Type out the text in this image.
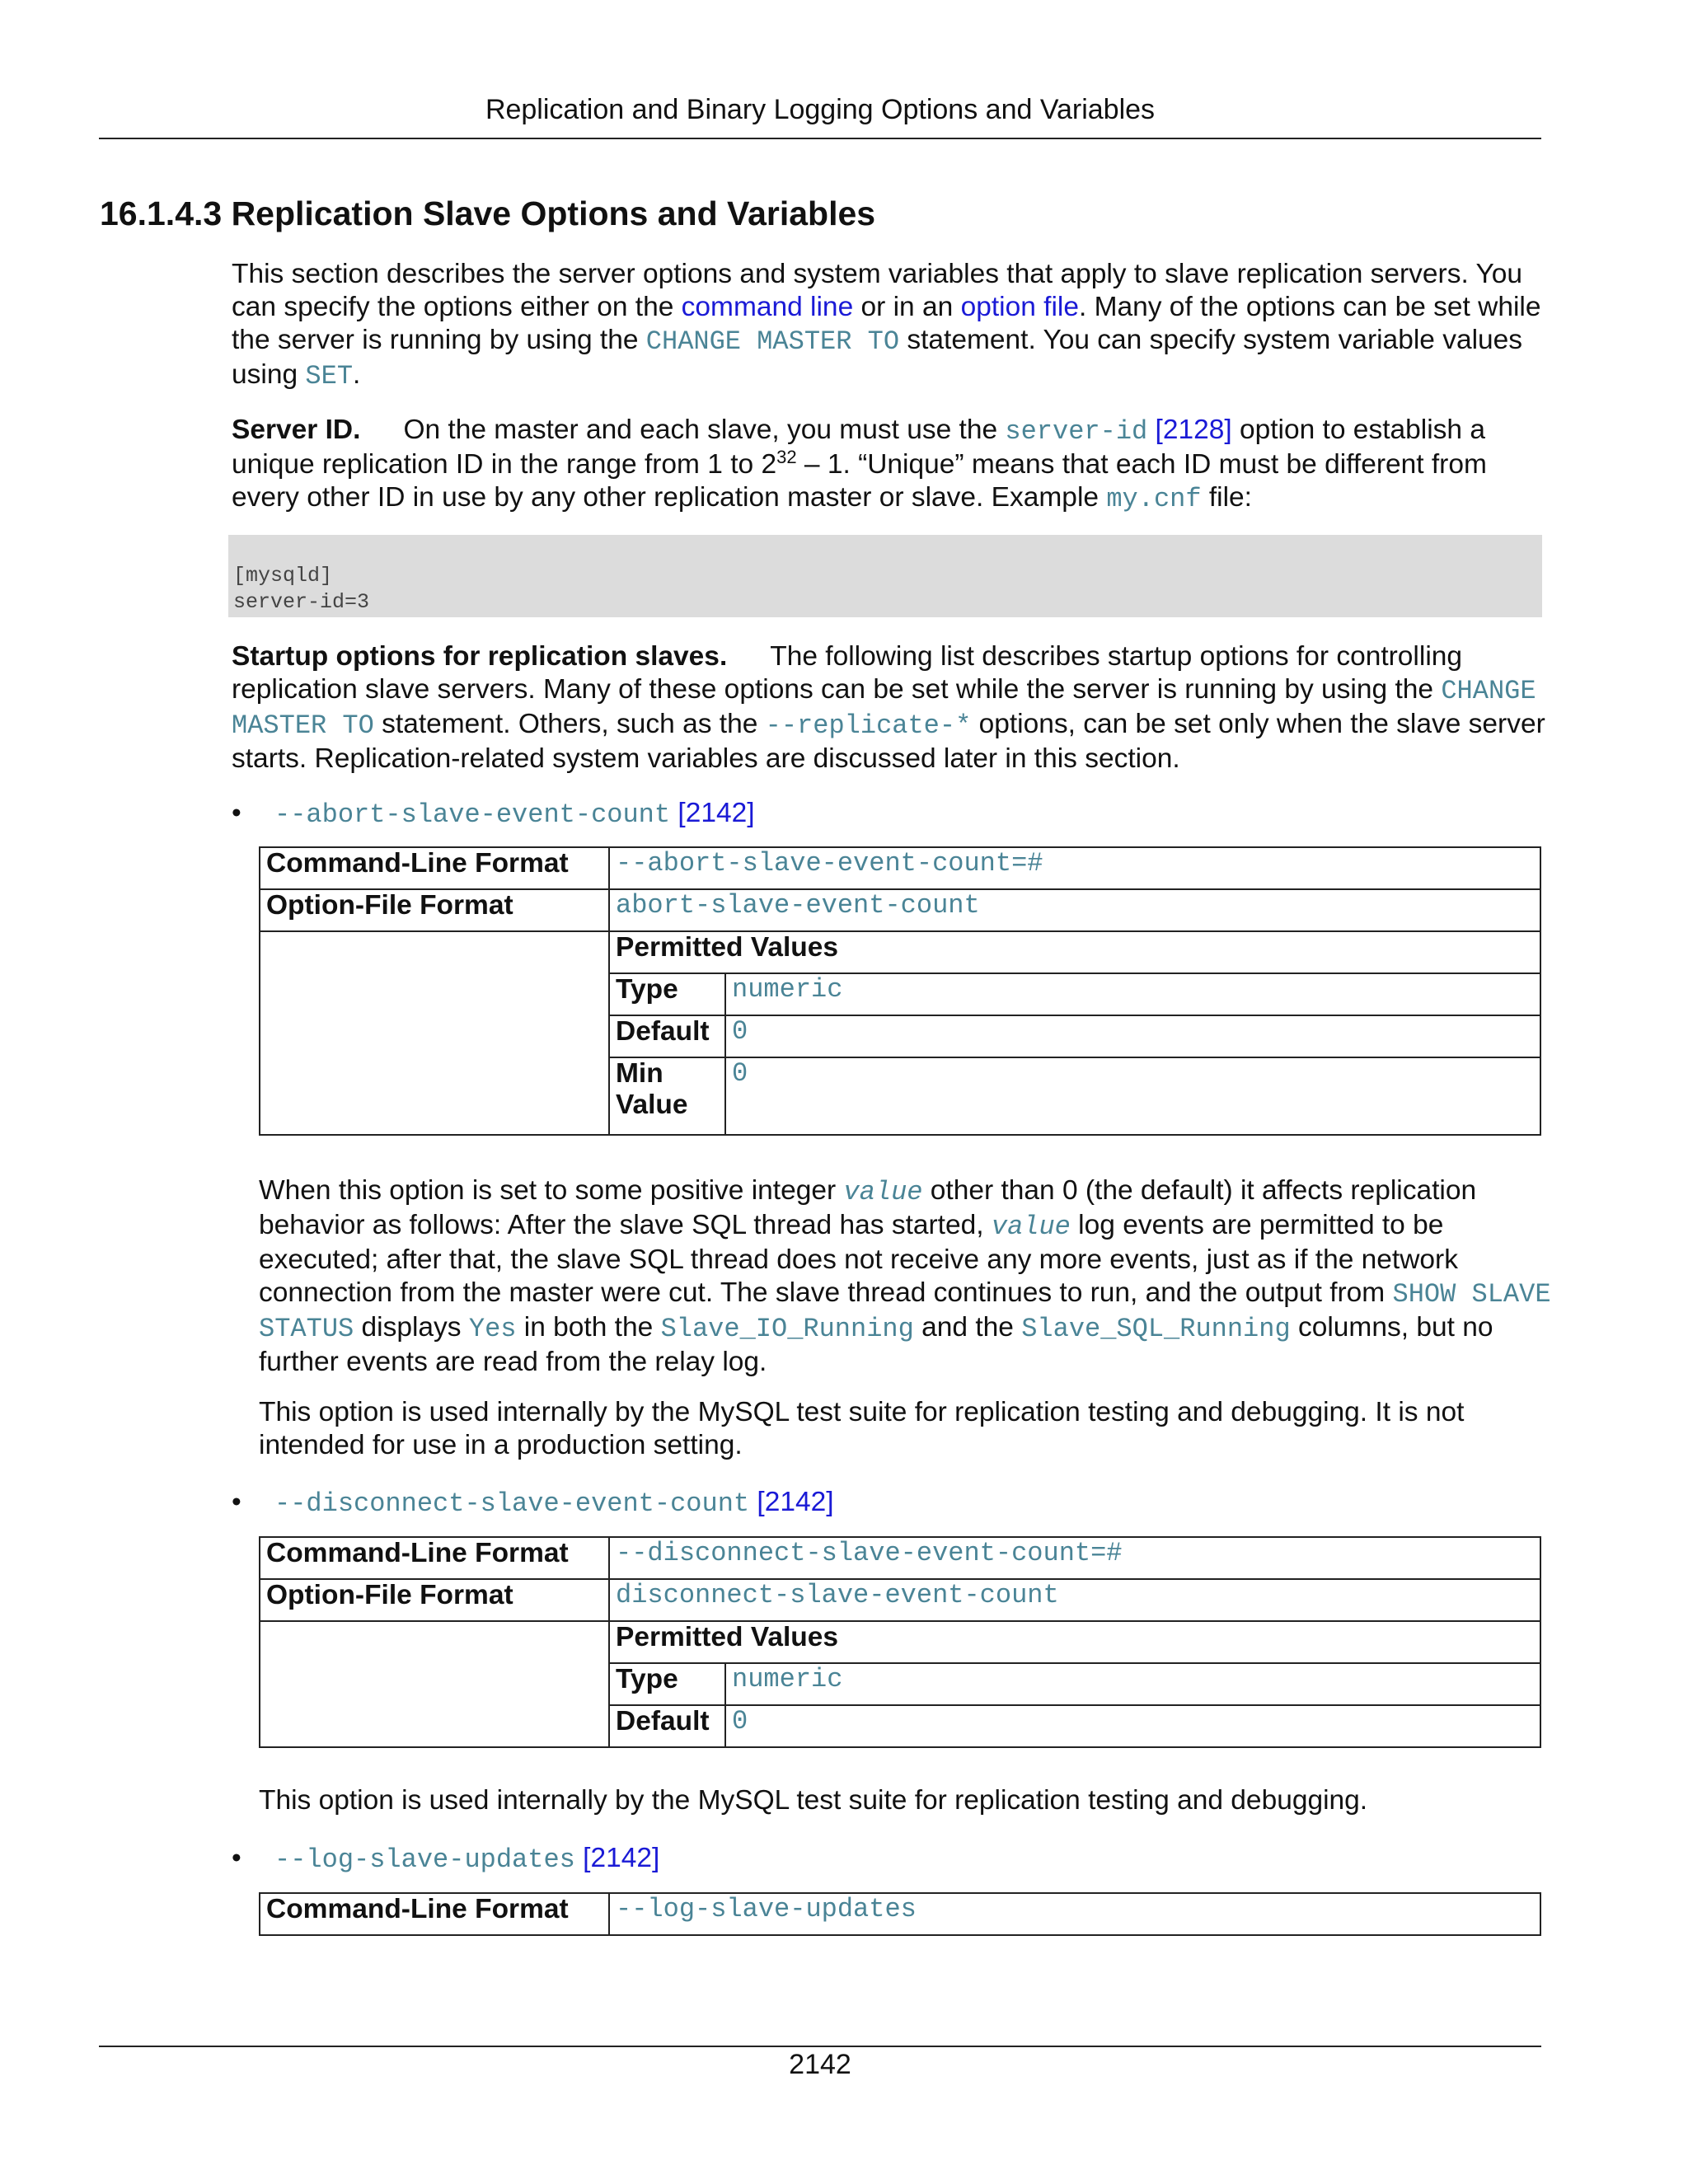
Replication and Binary Logging Options and Variables
16.1.4.3 Replication Slave Options and Variables

This section describes the server options and system variables that apply to slave replication servers. You can specify the options either on the command line or in an option file. Many of the options can be set while the server is running by using the CHANGE MASTER TO statement. You can specify system variable values using SET.

Server ID. On the master and each slave, you must use the server-id [2128] option to establish a unique replication ID in the range from 1 to $2^{32} - 1$. “Unique” means that each ID must be different from every other ID in use by any other replication master or slave. Example my.cnf file:

[mysqld]
server-id=3

Startup options for replication slaves. The following list describes startup options for controlling replication slave servers. Many of these options can be set while the server is running by using the CHANGE MASTER TO statement. Others, such as the --replicate-* options, can be set only when the slave server starts. Replication-related system variables are discussed later in this section.

• --abort-slave-event-count [2142]
Command-Line Format	--abort-slave-event-count=#	
Option-File Format	abort-slave-event-count	
	Permitted Values	
	Type	numeric
	Default	0
	Min Value	0

When this option is set to some positive integer value other than 0 (the default) it affects replication behavior as follows: After the slave SQL thread has started, value log events are permitted to be executed; after that, the slave SQL thread does not receive any more events, just as if the network connection from the master were cut. The slave thread continues to run, and the output from SHOW SLAVE STATUS displays Yes in both the Slave_IO_Running and the Slave_SQL_Running columns, but no further events are read from the relay log.

This option is used internally by the MySQL test suite for replication testing and debugging. It is not intended for use in a production setting.

• --disconnect-slave-event-count [2142]
Command-Line Format	--disconnect-slave-event-count=#	
Option-File Format	disconnect-slave-event-count	
	Permitted Values	
	Type	numeric
	Default	0

This option is used internally by the MySQL test suite for replication testing and debugging.

• --log-slave-updates [2142]
Command-Line Format	--log-slave-updates
2142
